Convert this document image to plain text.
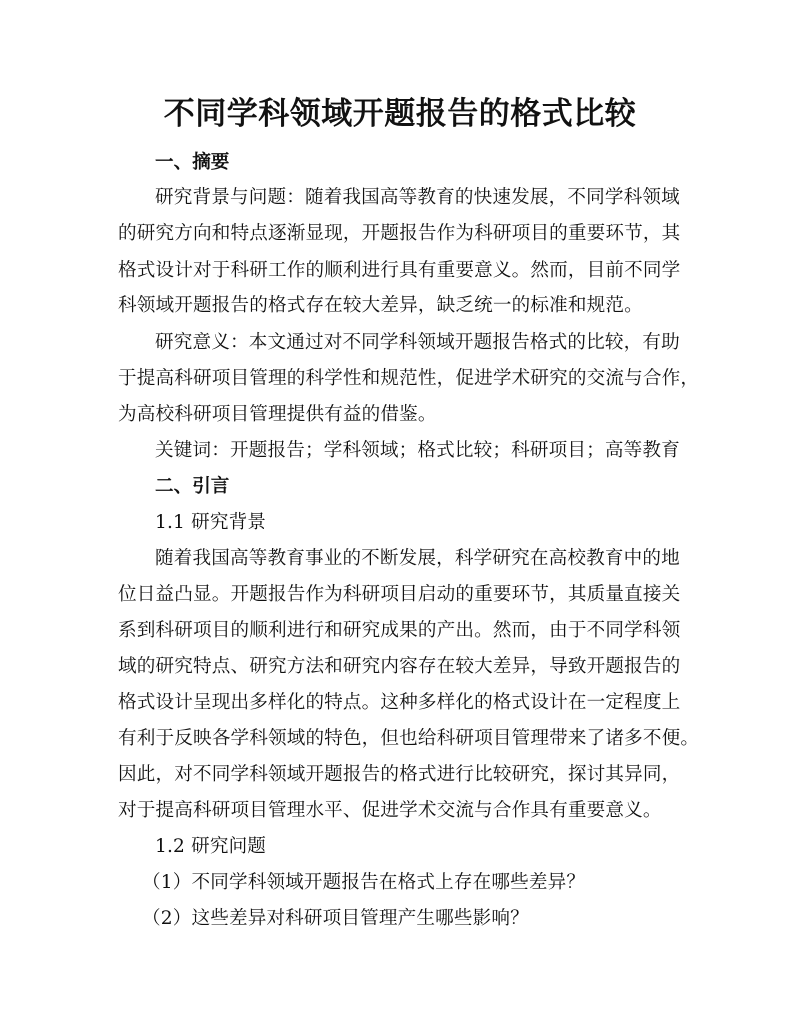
不同学科领域开题报告的格式比较
一、摘要
研究背景与问题：随着我国高等教育的快速发展，不同学科领域
的研究方向和特点逐渐显现，开题报告作为科研项目的重要环节，其
格式设计对于科研工作的顺利进行具有重要意义。然而，目前不同学
科领域开题报告的格式存在较大差异，缺乏统一的标准和规范。
研究意义：本文通过对不同学科领域开题报告格式的比较，有助
于提高科研项目管理的科学性和规范性，促进学术研究的交流与合作，
为高校科研项目管理提供有益的借鉴。
关键词：开题报告；学科领域；格式比较；科研项目；高等教育
二、引言
1.1 研究背景
随着我国高等教育事业的不断发展，科学研究在高校教育中的地
位日益凸显。开题报告作为科研项目启动的重要环节，其质量直接关
系到科研项目的顺利进行和研究成果的产出。然而，由于不同学科领
域的研究特点、研究方法和研究内容存在较大差异，导致开题报告的
格式设计呈现出多样化的特点。这种多样化的格式设计在一定程度上
有利于反映各学科领域的特色，但也给科研项目管理带来了诸多不便。
因此，对不同学科领域开题报告的格式进行比较研究，探讨其异同，
对于提高科研项目管理水平、促进学术交流与合作具有重要意义。
1.2 研究问题
（1）不同学科领域开题报告在格式上存在哪些差异？
（2）这些差异对科研项目管理产生哪些影响？
